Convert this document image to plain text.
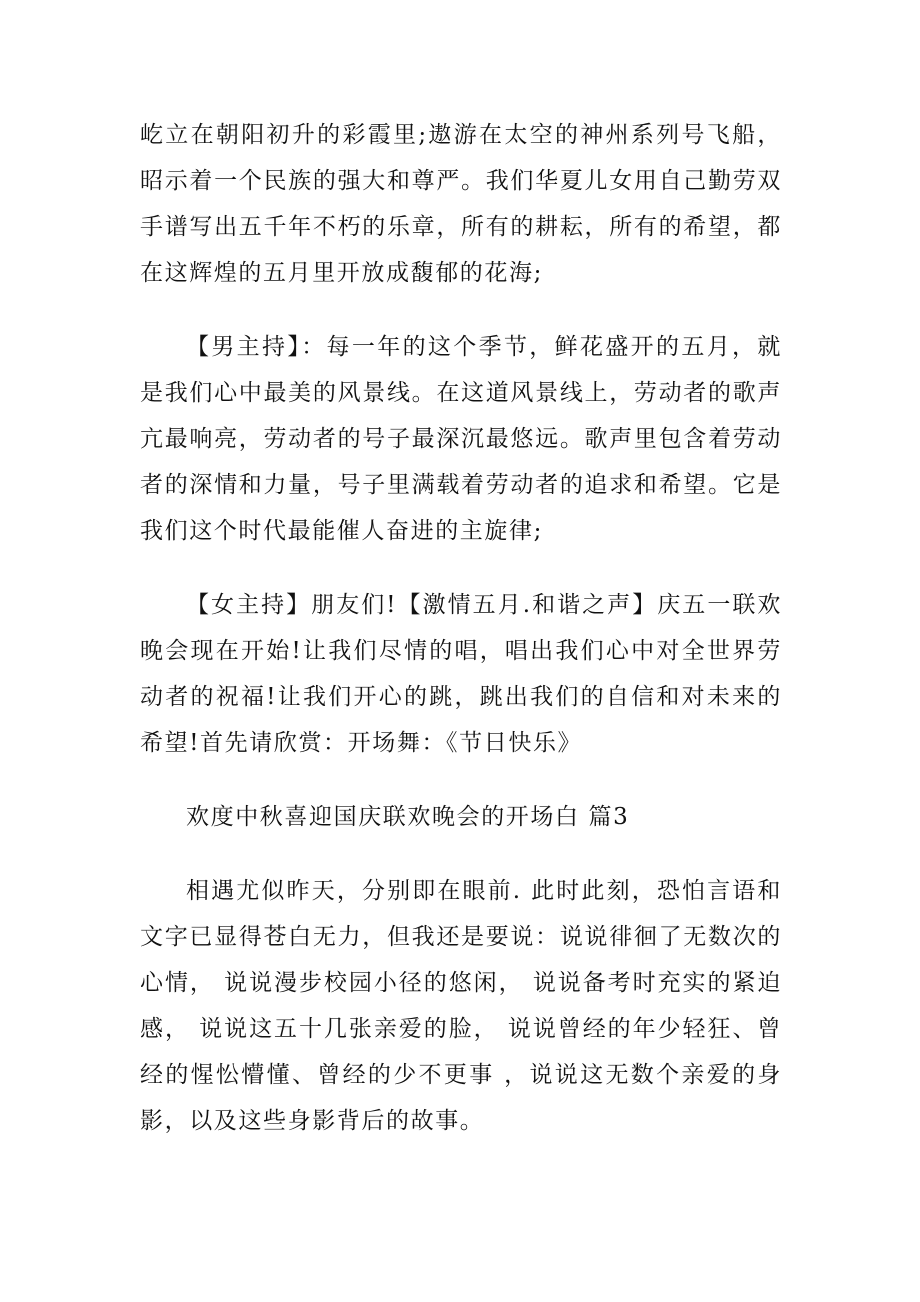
屹立在朝阳初升的彩霞里;遨游在太空的神州系列号飞船，昭示着一个民族的强大和尊严。我们华夏儿女用自己勤劳双手谱写出五千年不朽的乐章，所有的耕耘，所有的希望，都在这辉煌的五月里开放成馥郁的花海;

【男主持】：每一年的这个季节，鲜花盛开的五月，就是我们心中最美的风景线。在这道风景线上，劳动者的歌声亢最响亮，劳动者的号子最深沉最悠远。歌声里包含着劳动者的深情和力量，号子里满载着劳动者的追求和希望。它是我们这个时代最能催人奋进的主旋律;

【女主持】朋友们!【激情五月.和谐之声】庆五一联欢晚会现在开始!让我们尽情的唱，唱出我们心中对全世界劳动者的祝福!让我们开心的跳，跳出我们的自信和对未来的希望!首先请欣赏：开场舞：《节日快乐》

欢度中秋喜迎国庆联欢晚会的开场白 篇3

相遇尤似昨天，分别即在眼前. 此时此刻，恐怕言语和文字已显得苍白无力，但我还是要说：说说徘徊了无数次的心情， 说说漫步校园小径的悠闲， 说说备考时充实的紧迫感， 说说这五十几张亲爱的脸， 说说曾经的年少轻狂、曾经的惺忪懵懂、曾经的少不更事 ，说说这无数个亲爱的身影，以及这些身影背后的故事。
